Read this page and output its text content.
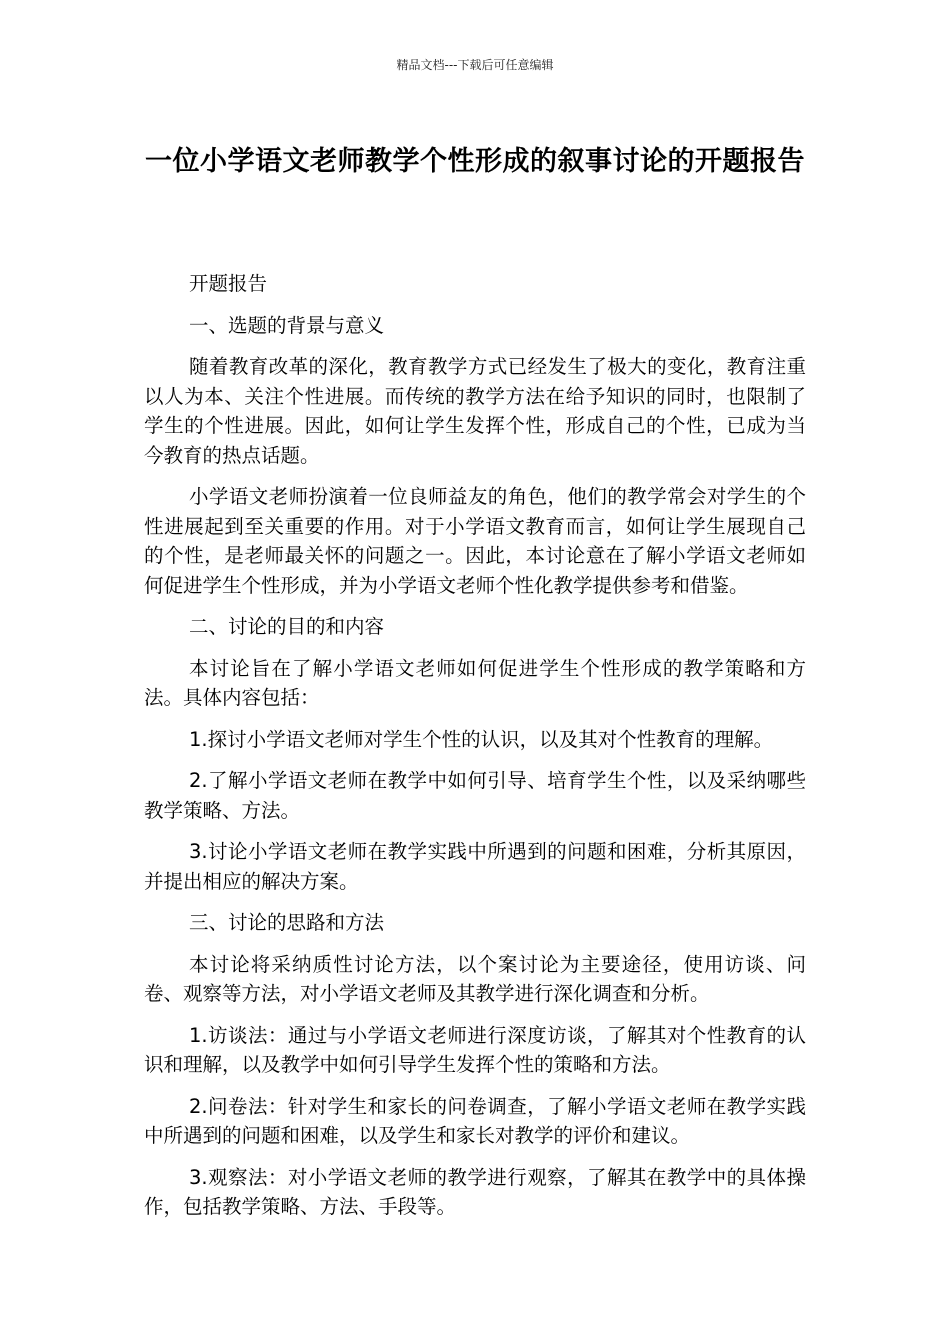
精品文档---下载后可任意编辑
一位小学语文老师教学个性形成的叙事讨论的开题报告

开题报告

一、选题的背景与意义

随着教育改革的深化，教育教学方式已经发生了极大的变化，教育注重以人为本、关注个性进展。而传统的教学方法在给予知识的同时，也限制了学生的个性进展。因此，如何让学生发挥个性，形成自己的个性，已成为当今教育的热点话题。

小学语文老师扮演着一位良师益友的角色，他们的教学常会对学生的个性进展起到至关重要的作用。对于小学语文教育而言，如何让学生展现自己的个性，是老师最关怀的问题之一。因此，本讨论意在了解小学语文老师如何促进学生个性形成，并为小学语文老师个性化教学提供参考和借鉴。

二、讨论的目的和内容

本讨论旨在了解小学语文老师如何促进学生个性形成的教学策略和方法。具体内容包括：

1.探讨小学语文老师对学生个性的认识，以及其对个性教育的理解。

2.了解小学语文老师在教学中如何引导、培育学生个性，以及采纳哪些教学策略、方法。

3.讨论小学语文老师在教学实践中所遇到的问题和困难，分析其原因，并提出相应的解决方案。

三、讨论的思路和方法

本讨论将采纳质性讨论方法，以个案讨论为主要途径，使用访谈、问卷、观察等方法，对小学语文老师及其教学进行深化调查和分析。

1.访谈法：通过与小学语文老师进行深度访谈，了解其对个性教育的认识和理解，以及教学中如何引导学生发挥个性的策略和方法。

2.问卷法：针对学生和家长的问卷调查，了解小学语文老师在教学实践中所遇到的问题和困难，以及学生和家长对教学的评价和建议。

3.观察法：对小学语文老师的教学进行观察，了解其在教学中的具体操作，包括教学策略、方法、手段等。
